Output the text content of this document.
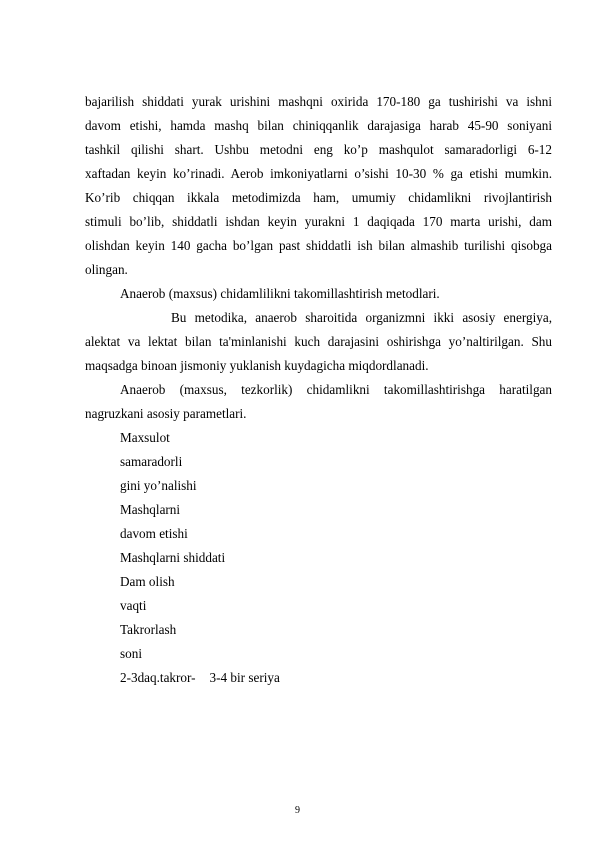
bajarilish shiddati yurak urishini mashqni oxirida 170-180 ga tushirishi va ishni
davom etishi, hamda mashq bilan chiniqqanlik darajasiga harab 45-90 soniyani
tashkil qilishi shart. Ushbu metodni eng ko’p mashqulot samaradorligi 6-12
xaftadan keyin ko’rinadi. Aerob imkoniyatlarni o’sishi 10-30 % ga etishi mumkin.
Ko’rib chiqqan ikkala metodimizda ham, umumiy chidamlikni rivojlantirish
stimuli bo’lib, shiddatli ishdan keyin yurakni 1 daqiqada 170 marta urishi, dam
olishdan keyin 140 gacha bo’lgan past shiddatli ish bilan almashib turilishi qisobga
olingan.

Anaerob (maxsus) chidamlilikni takomillashtirish metodlari.

Bu metodika, anaerob sharoitida organizmni ikki asosiy energiya,
alektat va lektat bilan ta'minlanishi kuch darajasini oshirishga yo’naltirilgan. Shu
maqsadga binoan jismoniy yuklanish kuydagicha miqdordlanadi.
Anaerob (maxsus, tezkorlik) chidamlikni takomillashtirishga haratilgan
nagruzkani asosiy parametlari.

Maxsulot

samaradorli

gini yo’nalishi

Mashqlarni

davom etishi

Mashqlarni shiddati

Dam olish

vaqti

Takrorlash

soni

2-3daq.takror- 3-4 bir seriya

9
